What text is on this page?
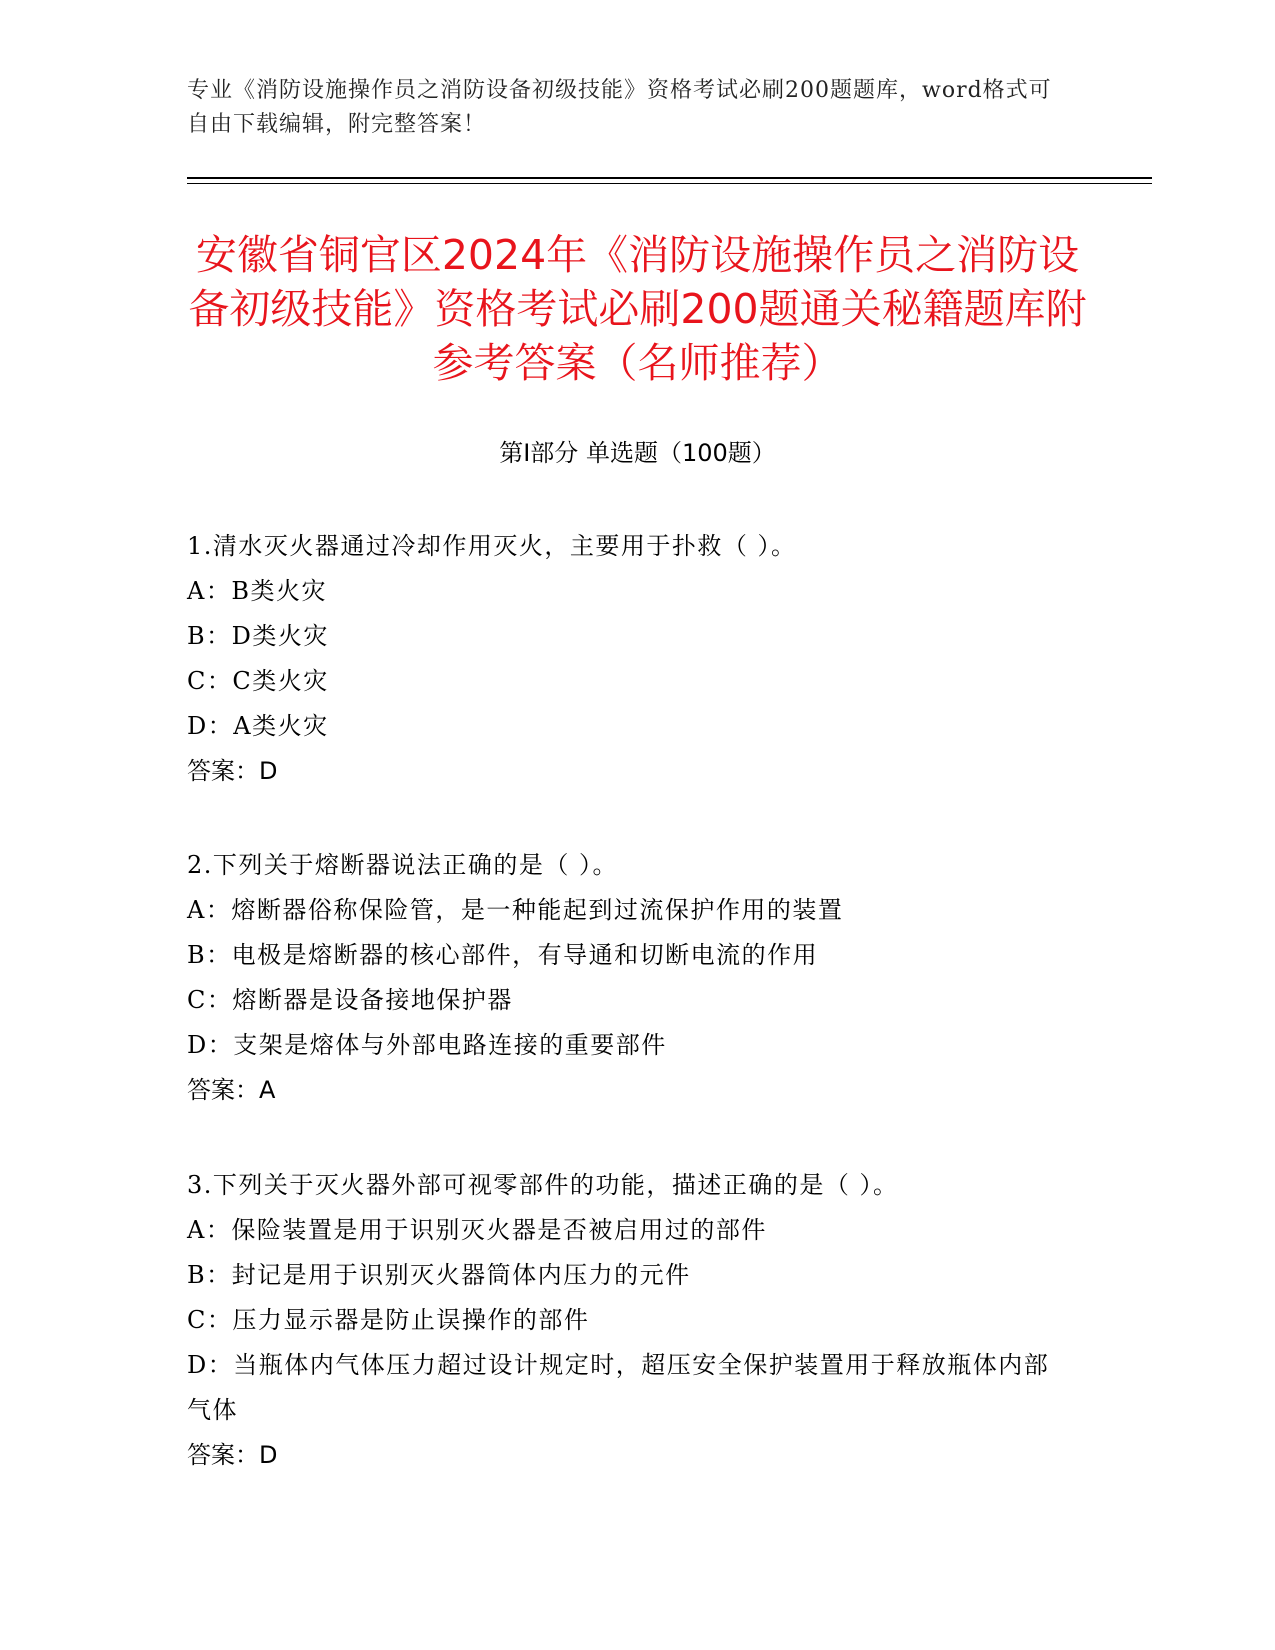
专业《消防设施操作员之消防设备初级技能》资格考试必刷200题题库，word格式可自由下载编辑，附完整答案！
安徽省铜官区2024年《消防设施操作员之消防设备初级技能》资格考试必刷200题通关秘籍题库附参考答案（名师推荐）
第Ⅰ部分 单选题（100题）

1.清水灭火器通过冷却作用灭火，主要用于扑救（ ）。

A：B类火灾

B：D类火灾

C：C类火灾

D：A类火灾

答案：D

2.下列关于熔断器说法正确的是（ ）。

A：熔断器俗称保险管，是一种能起到过流保护作用的装置

B：电极是熔断器的核心部件，有导通和切断电流的作用

C：熔断器是设备接地保护器

D：支架是熔体与外部电路连接的重要部件

答案：A

3.下列关于灭火器外部可视零部件的功能，描述正确的是（ ）。

A：保险装置是用于识别灭火器是否被启用过的部件

B：封记是用于识别灭火器筒体内压力的元件

C：压力显示器是防止误操作的部件

D：当瓶体内气体压力超过设计规定时，超压安全保护装置用于释放瓶体内部气体

答案：D
